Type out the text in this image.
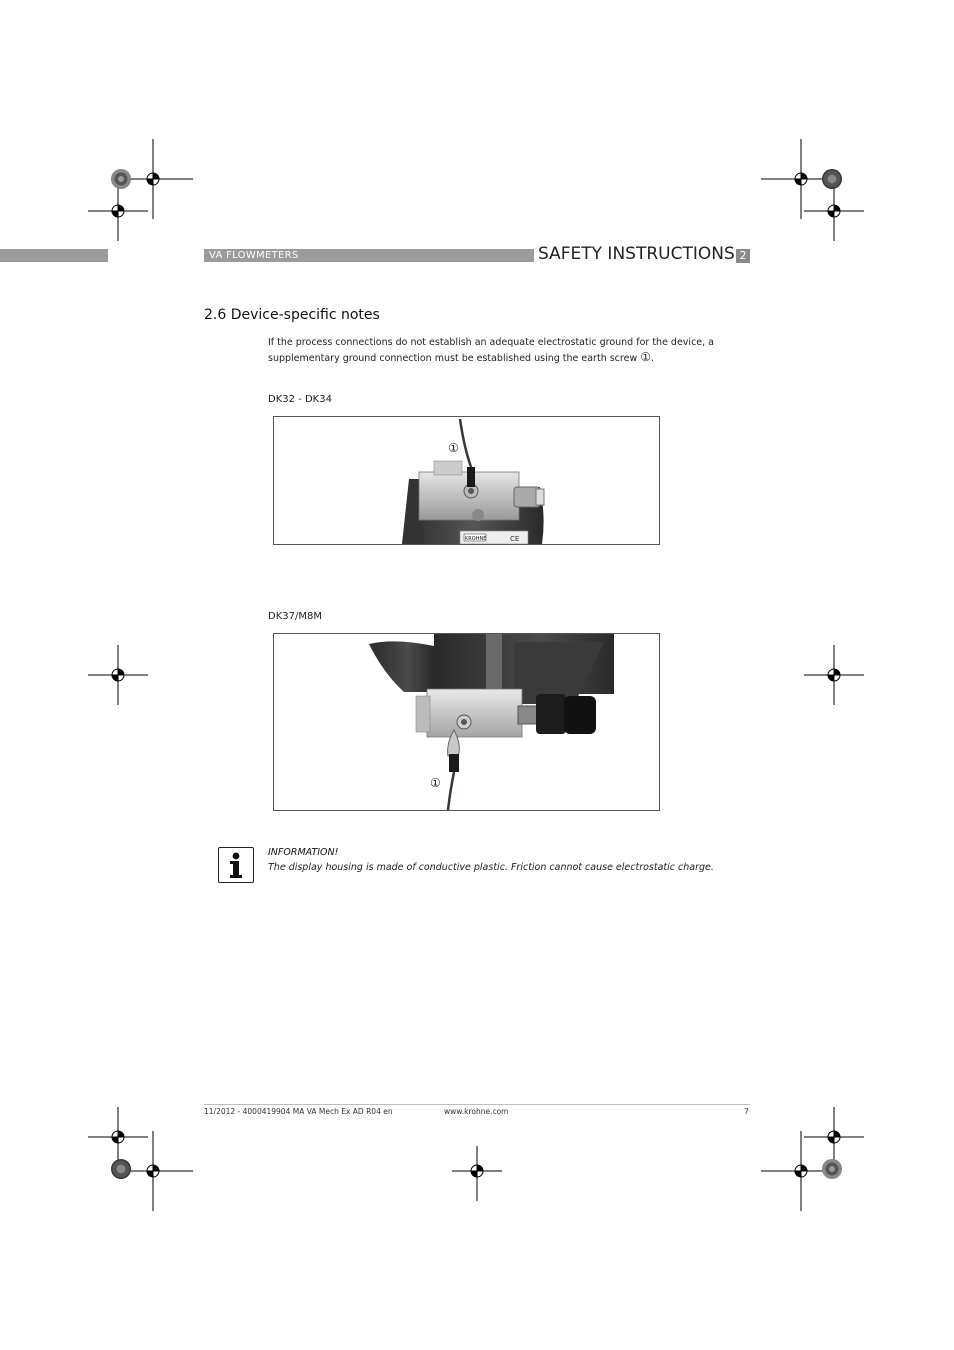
VA FLOWMETERS	SAFETY INSTRUCTIONS 2
2.6 Device-specific notes
If the process connections do not establish an adequate electrostatic ground for the device, a supplementary ground connection must be established using the earth screw ①.
DK32 - DK34
KROHNE	CE
①
DK37/M8M
①
INFORMATION!
The display housing is made of conductive plastic. Friction cannot cause electrostatic charge.
11/2012 - 4000419904 MA VA Mech Ex AD R04 en	www.krohne.com	7
